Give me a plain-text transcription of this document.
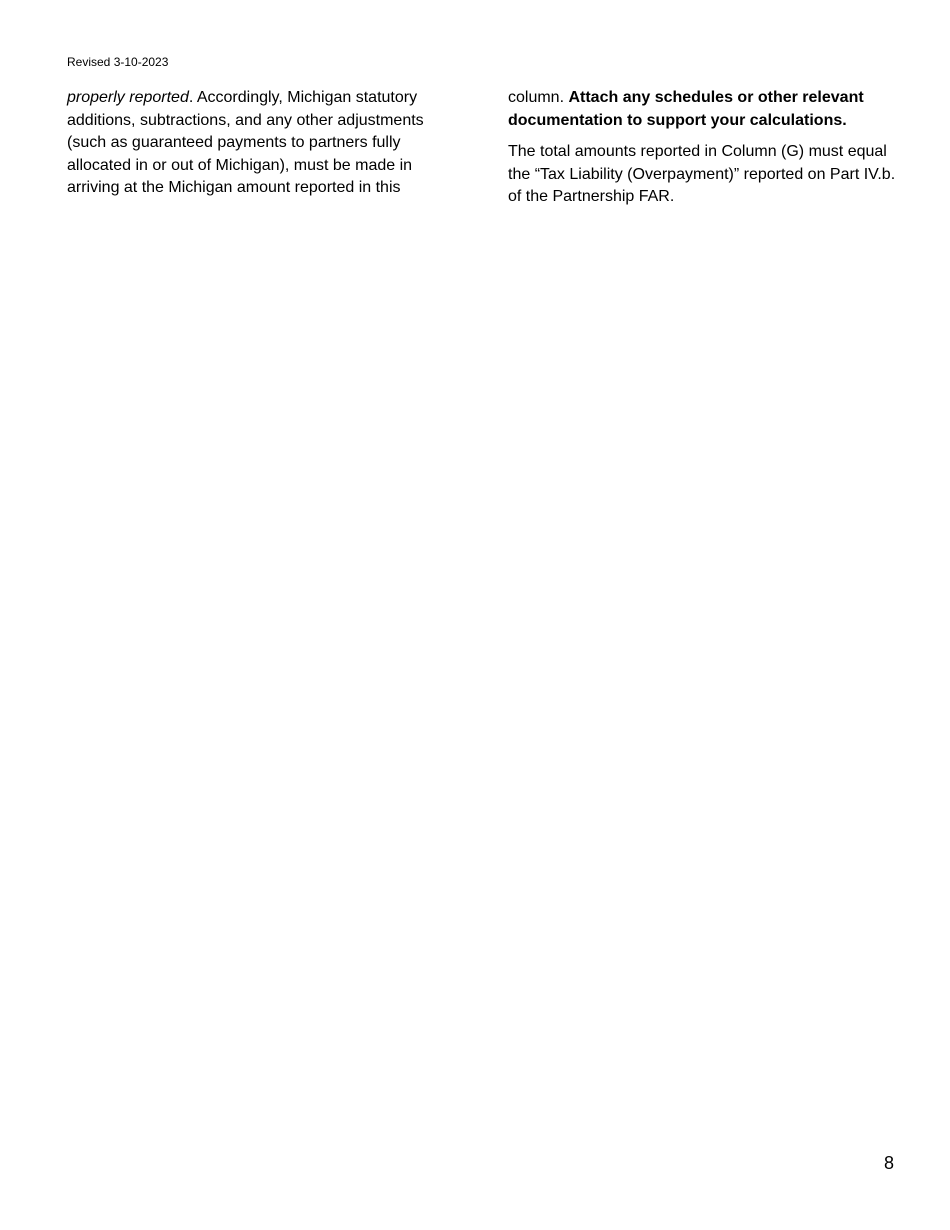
Revised 3-10-2023

properly reported. Accordingly, Michigan statutory additions, subtractions, and any other adjustments (such as guaranteed payments to partners fully allocated in or out of Michigan), must be made in arriving at the Michigan amount reported in this

column. Attach any schedules or other relevant documentation to support your calculations.

The total amounts reported in Column (G) must equal the “Tax Liability (Overpayment)” reported on Part IV.b. of the Partnership FAR.

8
